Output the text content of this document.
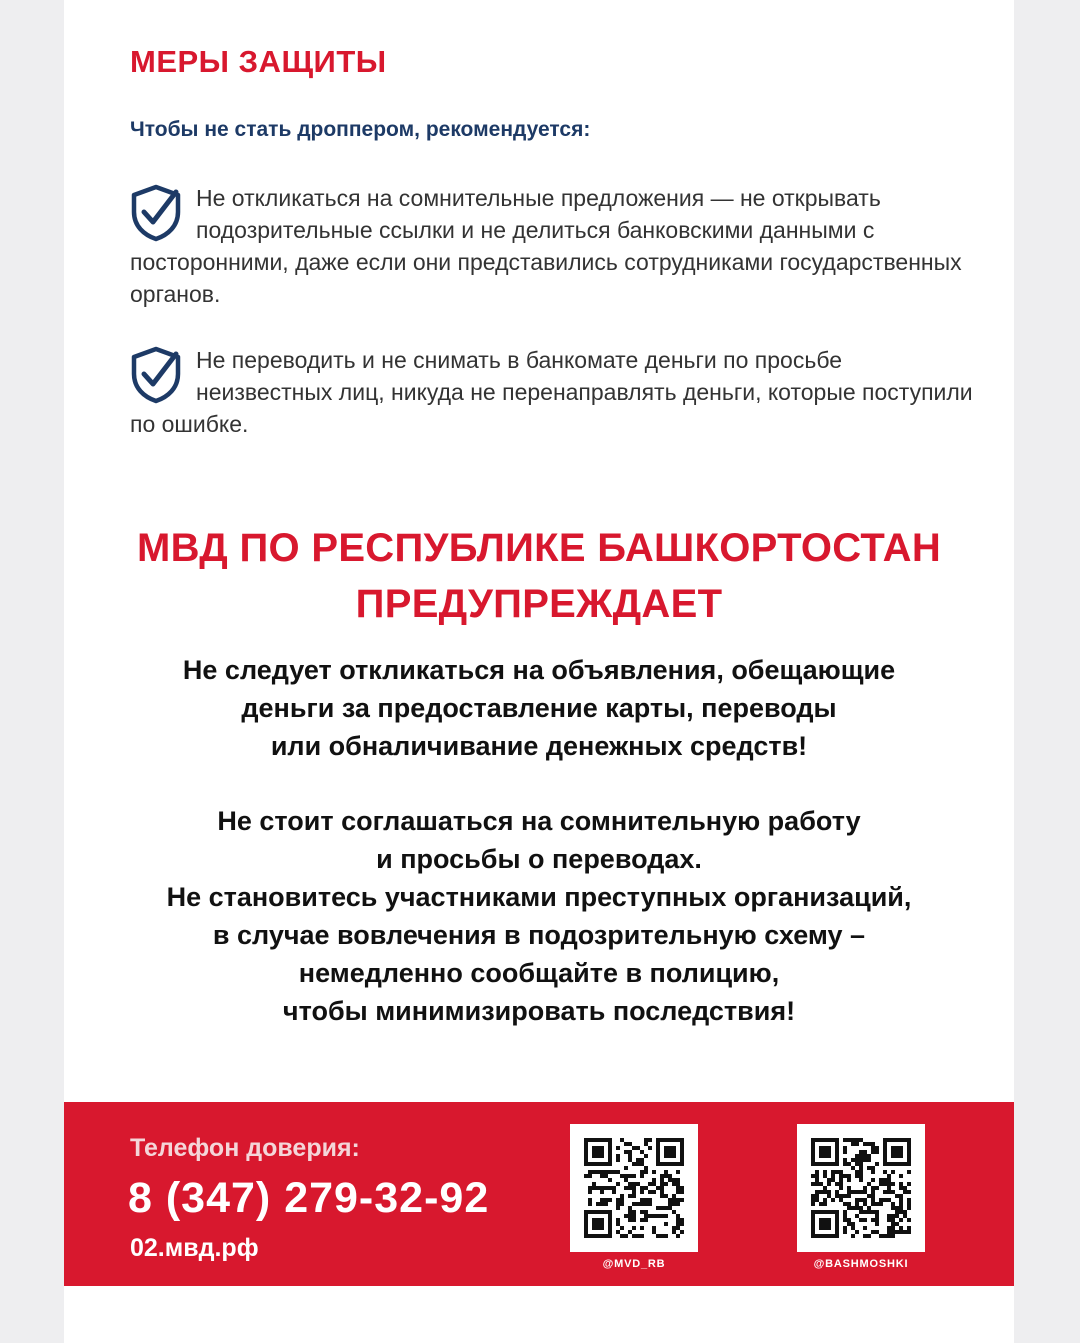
МЕРЫ ЗАЩИТЫ
Чтобы не стать дроппером, рекомендуется:
Не откликаться на сомнительные предложения — не открывать подозрительные ссылки и не делиться банковскими данными с посторонними, даже если они представились сотрудниками государственных органов.
Не переводить и не снимать в банкомате деньги по просьбе неизвестных лиц, никуда не перенаправлять деньги, которые поступили по ошибке.
МВД ПО РЕСПУБЛИКЕ БАШКОРТОСТАН
ПРЕДУПРЕЖДАЕТ

Не следует откликаться на объявления, обещающие
деньги за предоставление карты, переводы
или обналичивание денежных средств!

Не стоит соглашаться на сомнительную работу
и просьбы о переводах.
Не становитесь участниками преступных организаций,
в случае вовлечения в подозрительную схему –
немедленно сообщайте в полицию,
чтобы минимизировать последствия!

Телефон доверия:

8 (347) 279-32-92

02.мвд.рф

@MVD_RB	@BASHMOSHKI
